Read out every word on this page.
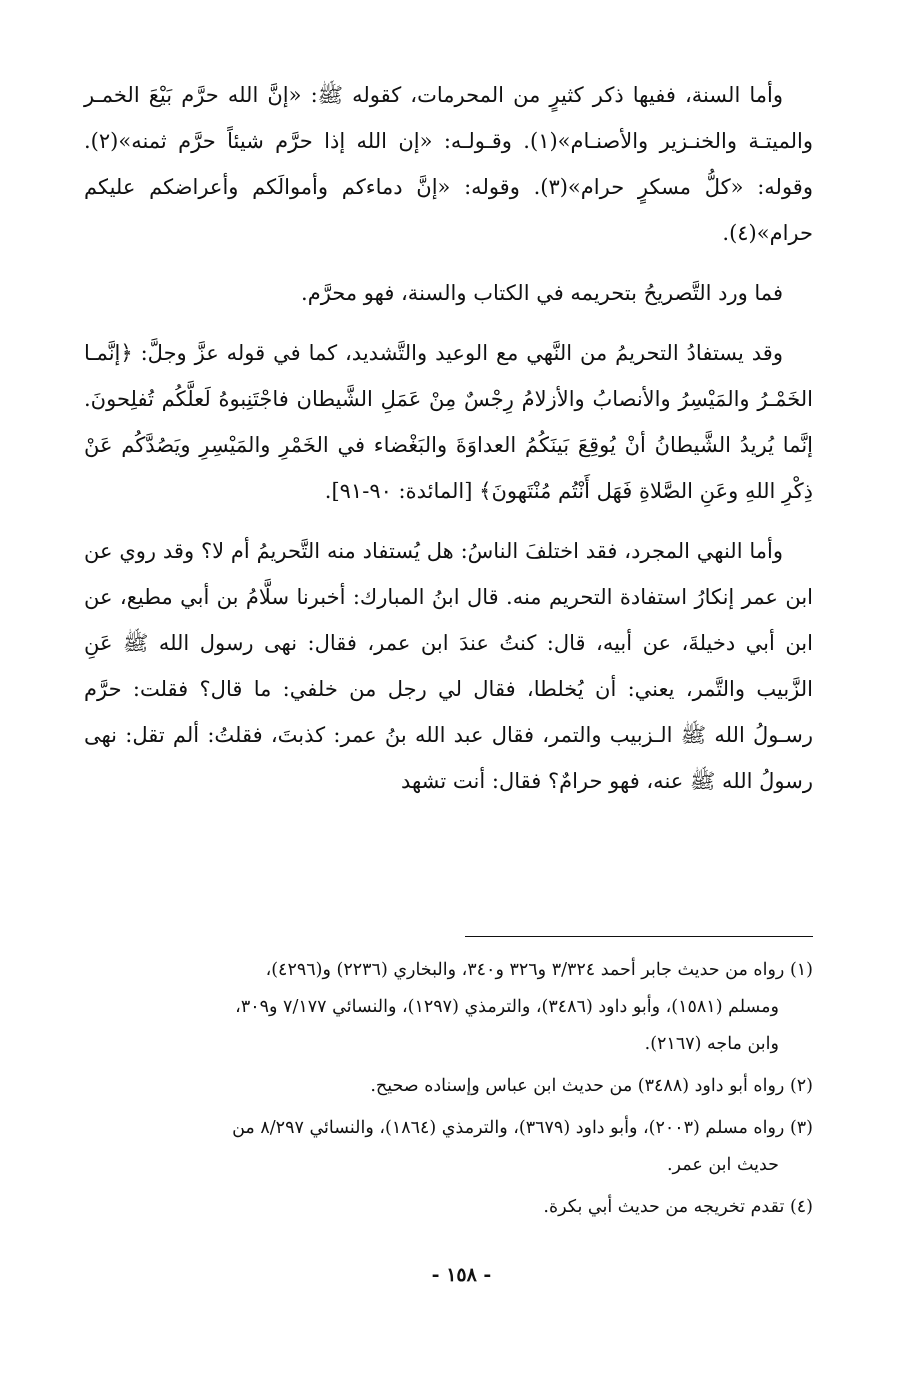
وأما السنة، ففيها ذكر كثيرٍ من المحرمات، كقوله ﷺ: «إنَّ الله حرَّم بَيْعَ الخمـر والميتـة والخنـزير والأصنـام»(١). وقـولـه: «إن الله إذا حرَّم شيئاً حرَّم ثمنه»(٢). وقوله: «كلُّ مسكرٍ حرام»(٣). وقوله: «إنَّ دماءكم وأموالَكم وأعراضكم عليكم حرام»(٤).

فما ورد التَّصريحُ بتحريمه في الكتاب والسنة، فهو محرَّم.

وقد يستفادُ التحريمُ من النَّهي مع الوعيد والتَّشديد، كما في قوله عزَّ وجلَّ: ﴿إنَّمـا الخَمْـرُ والمَيْسِرُ والأنصابُ والأزلامُ رِجْسٌ مِنْ عَمَلِ الشَّيطان فاجْتَنِبوهُ لَعلَّكُم تُفلِحونَ. إنَّما يُريدُ الشَّيطانُ أنْ يُوقِعَ بَينَكُمُ العداوَةَ والبَغْضاء في الخَمْرِ والمَيْسِرِ ويَصُدَّكُم عَنْ ذِكْرِ اللهِ وعَنِ الصَّلاةِ فَهَل أَنْتُم مُنْتَهونَ﴾ [المائدة: ٩٠-٩١].

وأما النهي المجرد، فقد اختلفَ الناسُ: هل يُستفاد منه التَّحريمُ أم لا؟ وقد روي عن ابن عمر إنكارُ استفادة التحريم منه. قال ابنُ المبارك: أخبرنا سلَّامُ بن أبي مطيع، عن ابن أبي دخيلةَ، عن أبيه، قال: كنتُ عندَ ابن عمر، فقال: نهى رسول الله ﷺ عَنِ الزَّبيب والتَّمر، يعني: أن يُخلطا، فقال لي رجل من خلفي: ما قال؟ فقلت: حرَّم رسـولُ الله ﷺ الـزبيب والتمر، فقال عبد الله بنُ عمر: كذبتَ، فقلتُ: ألم تقل: نهى رسولُ الله ﷺ عنه، فهو حرامٌ؟ فقال: أنت تشهد

(١) رواه من حديث جابر أحمد ٣/٣٢٤ و٣٢٦ و٣٤٠، والبخاري (٢٢٣٦) و(٤٢٩٦)،
ومسلم (١٥٨١)، وأبو داود (٣٤٨٦)، والترمذي (١٢٩٧)، والنسائي ٧/١٧٧ و٣٠٩،
وابن ماجه (٢١٦٧).

(٢) رواه أبو داود (٣٤٨٨) من حديث ابن عباس وإسناده صحيح.

(٣) رواه مسلم (٢٠٠٣)، وأبو داود (٣٦٧٩)، والترمذي (١٨٦٤)، والنسائي ٨/٢٩٧ من
حديث ابن عمر.

(٤) تقدم تخريجه من حديث أبي بكرة.

- ١٥٨ -
